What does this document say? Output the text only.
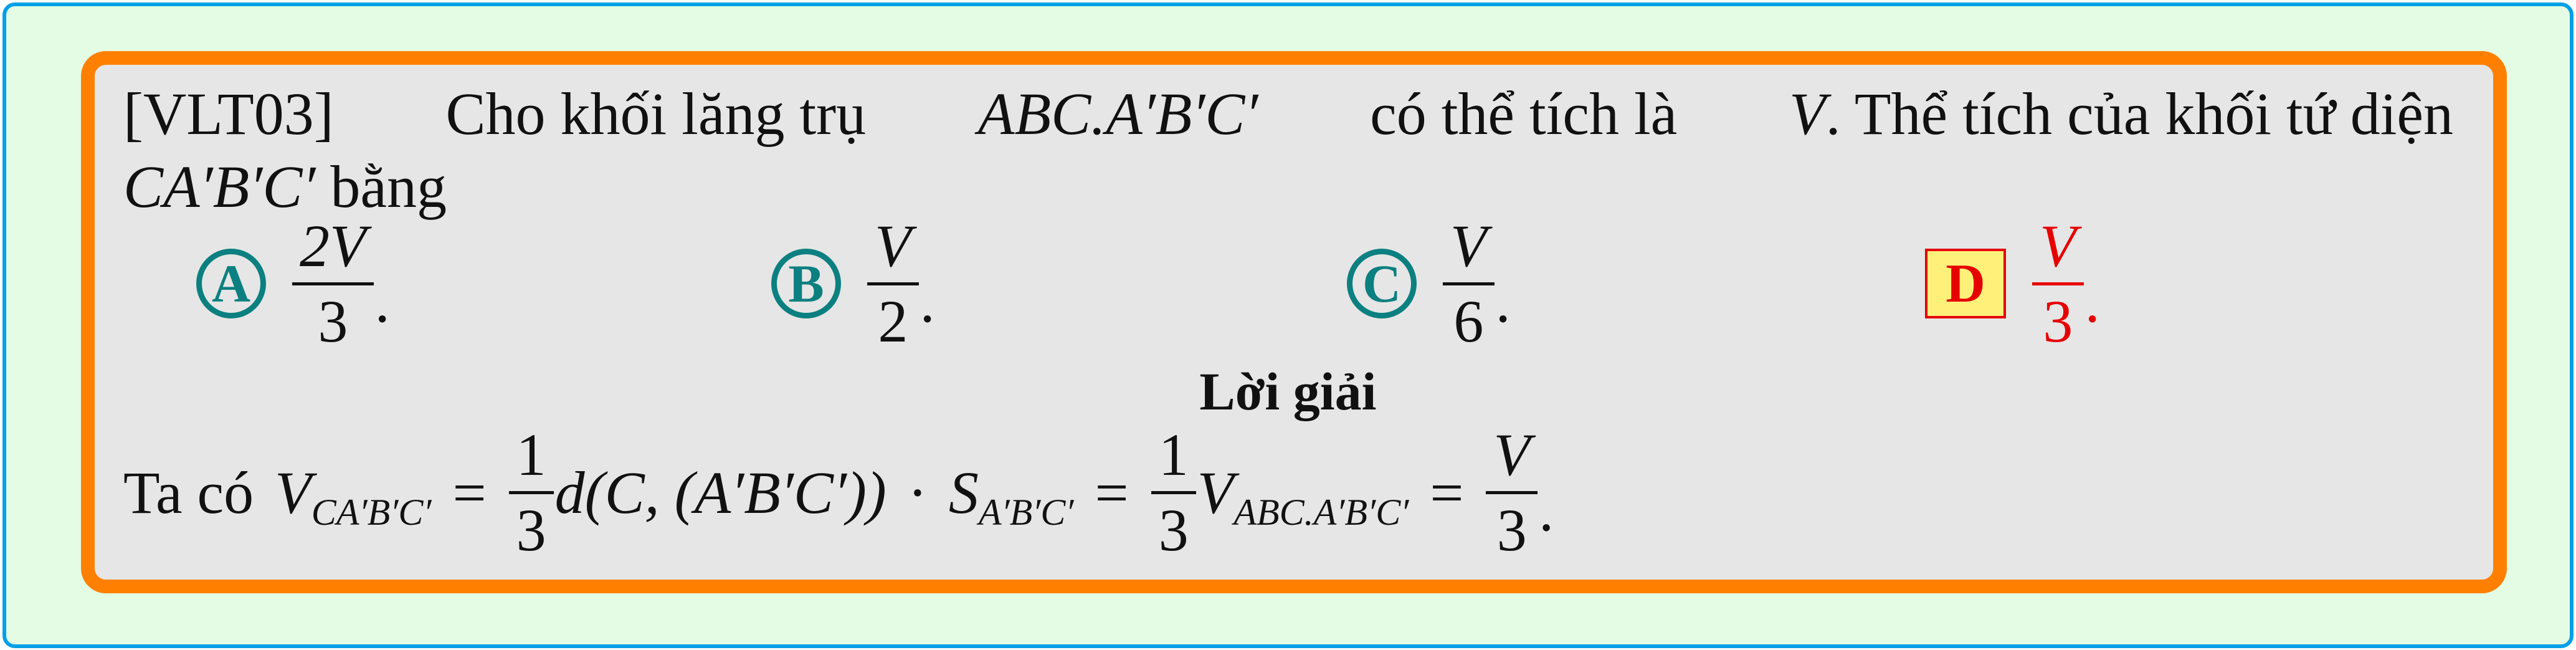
[VLT03] Cho khối lăng trụ ABC.A′B′C′ có thể tích là V. Thể tích của khối tứ diện
CA′B′C′ bằng
A $\frac{2V}{3}$ .	B $\frac{V}{2}$ .	C $\frac{V}{6}$ .	D $\frac{V}{3}$ .
Lời giải
Ta có V $CA'B'C' = \frac{1}{3} d(C$, (A′B′C′)) · S $A'B'C' = \frac{1}{3}$ V $ABC.A'B'C' = \frac{V}{3}$ .
